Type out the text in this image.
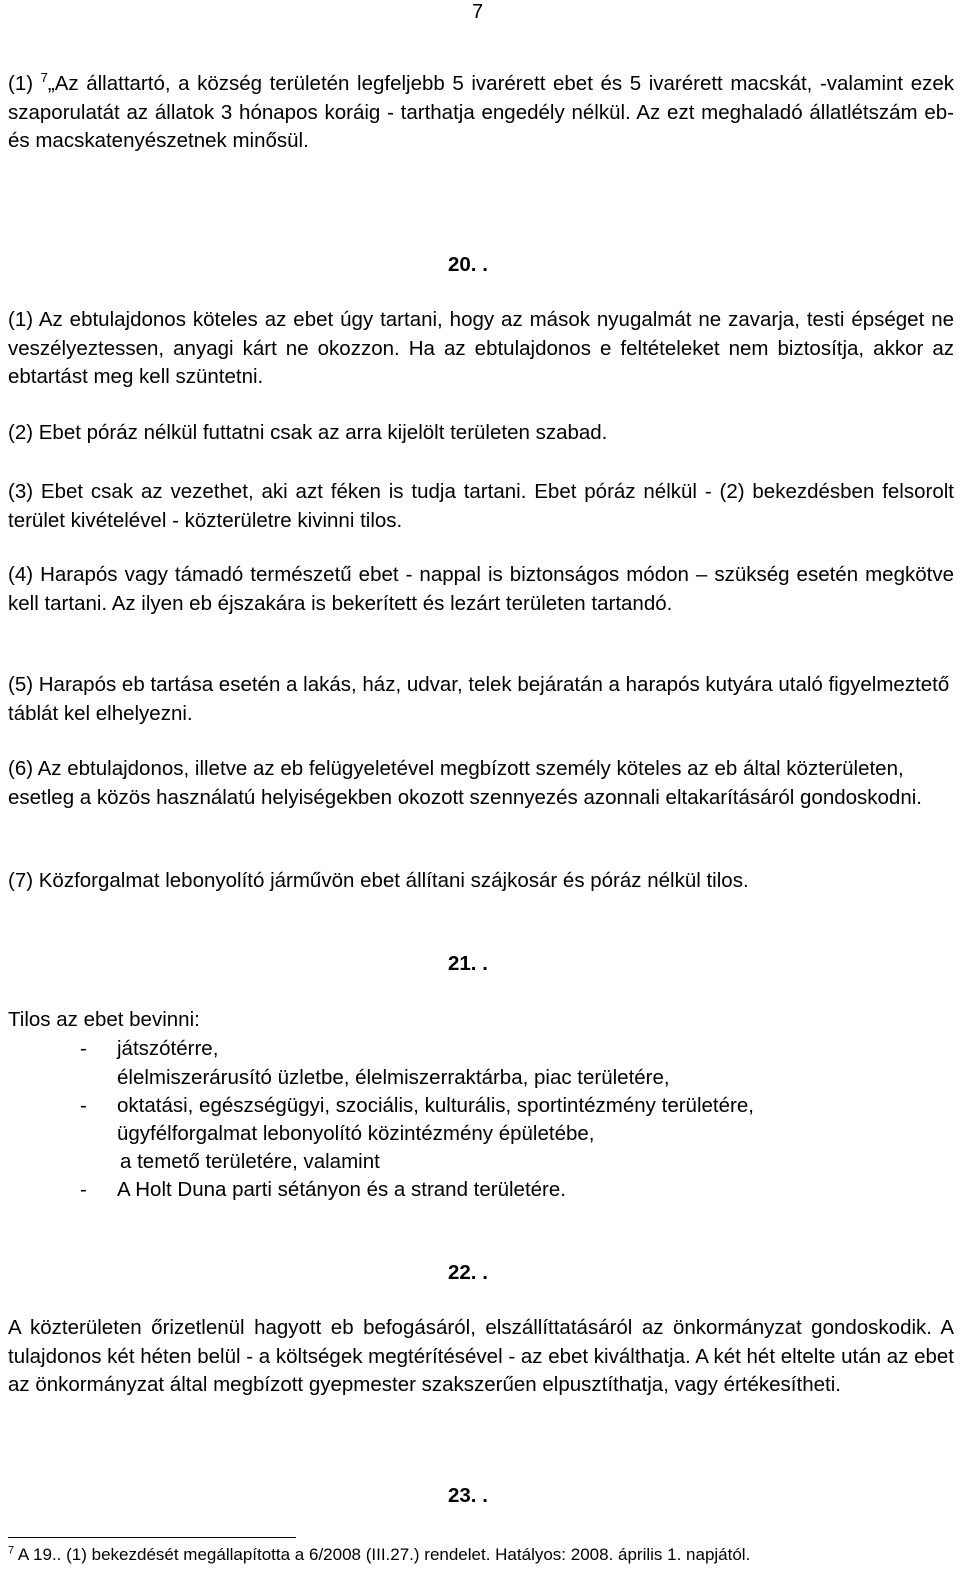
7

(1) $^7$„Az állattartó, a község területén legfeljebb 5 ivarérett ebet és 5 ivarérett macskát, -valamint ezek szaporulatát az állatok 3 hónapos koráig - tarthatja engedély nélkül. Az ezt meghaladó állatlétszám eb- és macskatenyészetnek minősül.

20. .

(1) Az ebtulajdonos köteles az ebet úgy tartani, hogy az mások nyugalmát ne zavarja, testi épséget ne veszélyeztessen, anyagi kárt ne okozzon. Ha az ebtulajdonos e feltételeket nem biztosítja, akkor az ebtartást meg kell szüntetni.

(2) Ebet póráz nélkül futtatni csak az arra kijelölt területen szabad.

(3) Ebet csak az vezethet, aki azt féken is tudja tartani. Ebet póráz nélkül - (2) bekezdésben felsorolt terület kivételével - közterületre kivinni tilos.

(4) Harapós vagy támadó természetű ebet - nappal is biztonságos módon – szükség esetén megkötve kell tartani. Az ilyen eb éjszakára is bekerített és lezárt területen tartandó.

(5) Harapós eb tartása esetén a lakás, ház, udvar, telek bejáratán a harapós kutyára utaló figyelmeztető táblát kel elhelyezni.

(6) Az ebtulajdonos, illetve az eb felügyeletével megbízott személy köteles az eb által közterületen, esetleg a közös használatú helyiségekben okozott szennyezés azonnali eltakarításáról gondoskodni.

(7) Közforgalmat lebonyolító járművön ebet állítani szájkosár és póráz nélkül tilos.

21. .
Tilos az ebet bevinni:
- játszótérre,
élelmiszerárusító üzletbe, élelmiszerraktárba, piac területére,
- oktatási, egészségügyi, szociális, kulturális, sportintézmény területére,
ügyfélforgalmat lebonyolító közintézmény épületébe,
a temető területére, valamint
- A Holt Duna parti sétányon és a strand területére.
22. .

A közterületen őrizetlenül hagyott eb befogásáról, elszállíttatásáról az önkormányzat gondoskodik. A tulajdonos két héten belül - a költségek megtérítésével - az ebet kiválthatja. A két hét eltelte után az ebet az önkormányzat által megbízott gyepmester szakszerűen elpusztíthatja, vagy értékesítheti.

23. .
$^7$ A 19.. (1) bekezdését megállapította a 6/2008 (III.27.) rendelet. Hatályos: 2008. április 1. napjától.
